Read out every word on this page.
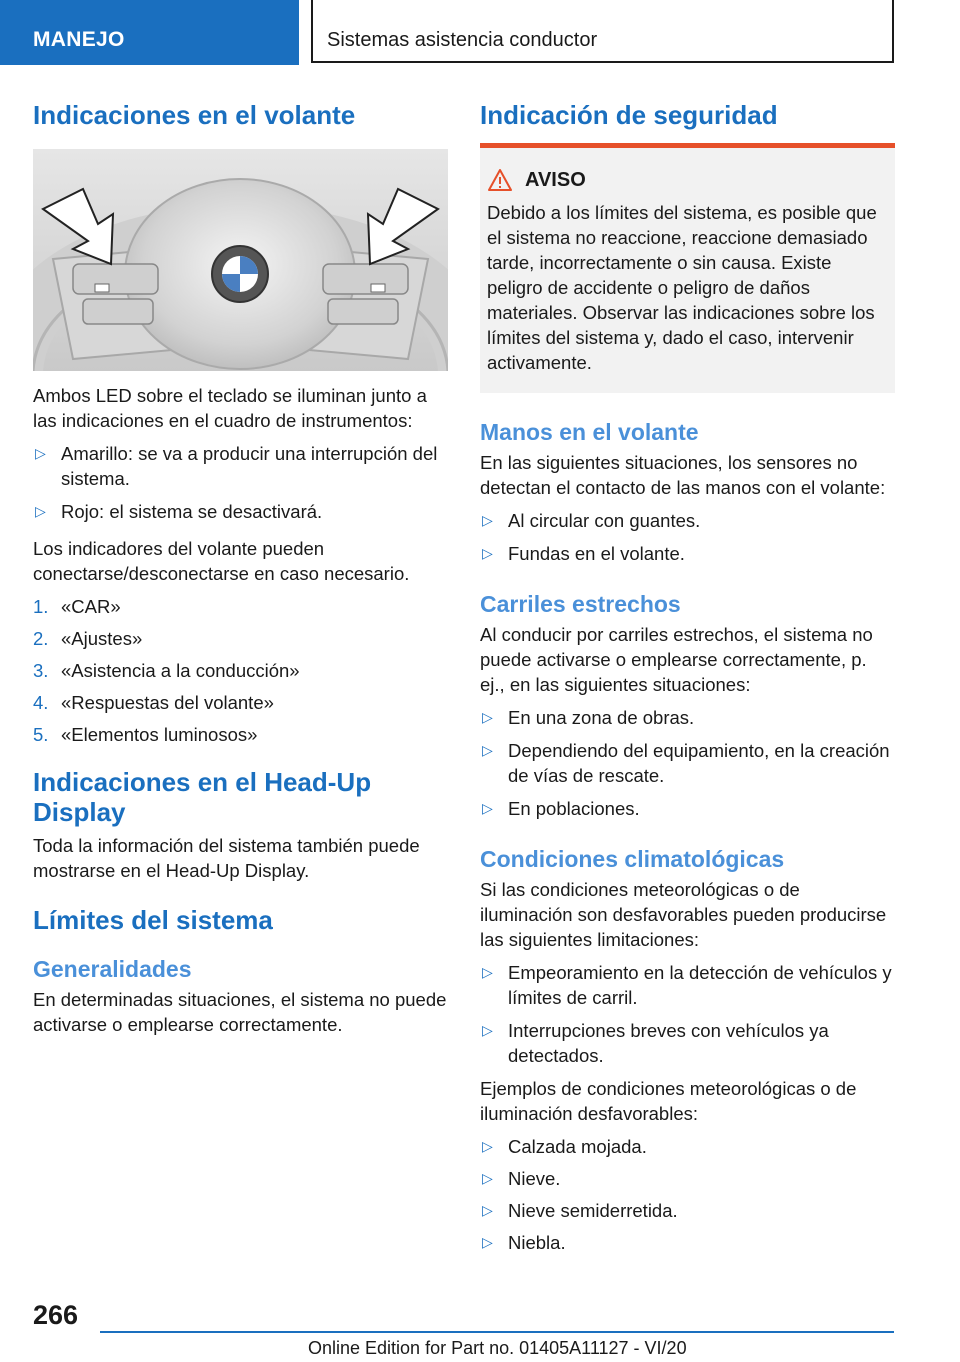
MANEJO	Sistemas asistencia conductor
Indicaciones en el volante

Ambos LED sobre el teclado se iluminan junto a las indicaciones en el cuadro de instrumentos:

▷ Amarillo: se va a producir una interrupción del sistema.
▷ Rojo: el sistema se desactivará.

Los indicadores del volante pueden conectarse/desconectarse en caso necesario.

1. «CAR»
2. «Ajustes»
3. «Asistencia a la conducción»
4. «Respuestas del volante»
5. «Elementos luminosos»
Indicaciones en el Head-Up Display

Toda la información del sistema también puede mostrarse en el Head-Up Display.

Límites del sistema
Generalidades

En determinadas situaciones, el sistema no puede activarse o emplearse correctamente.

Indicación de seguridad
AVISO

Debido a los límites del sistema, es posible que el sistema no reaccione, reaccione demasiado tarde, incorrectamente o sin causa. Existe peligro de accidente o peligro de daños materiales. Observar las indicaciones sobre los límites del sistema y, dado el caso, intervenir activamente.

Manos en el volante

En las siguientes situaciones, los sensores no detectan el contacto de las manos con el volante:

▷ Al circular con guantes.
▷ Fundas en el volante.
Carriles estrechos

Al conducir por carriles estrechos, el sistema no puede activarse o emplearse correctamente, p. ej., en las siguientes situaciones:

▷ En una zona de obras.
▷ Dependiendo del equipamiento, en la creación de vías de rescate.
▷ En poblaciones.
Condiciones climatológicas

Si las condiciones meteorológicas o de iluminación son desfavorables pueden producirse las siguientes limitaciones:

▷ Empeoramiento en la detección de vehículos y límites de carril.
▷ Interrupciones breves con vehículos ya detectados.

Ejemplos de condiciones meteorológicas o de iluminación desfavorables:

▷ Calzada mojada.
▷ Nieve.
▷ Nieve semiderretida.
▷ Niebla.
266
Online Edition for Part no. 01405A11127 - VI/20
